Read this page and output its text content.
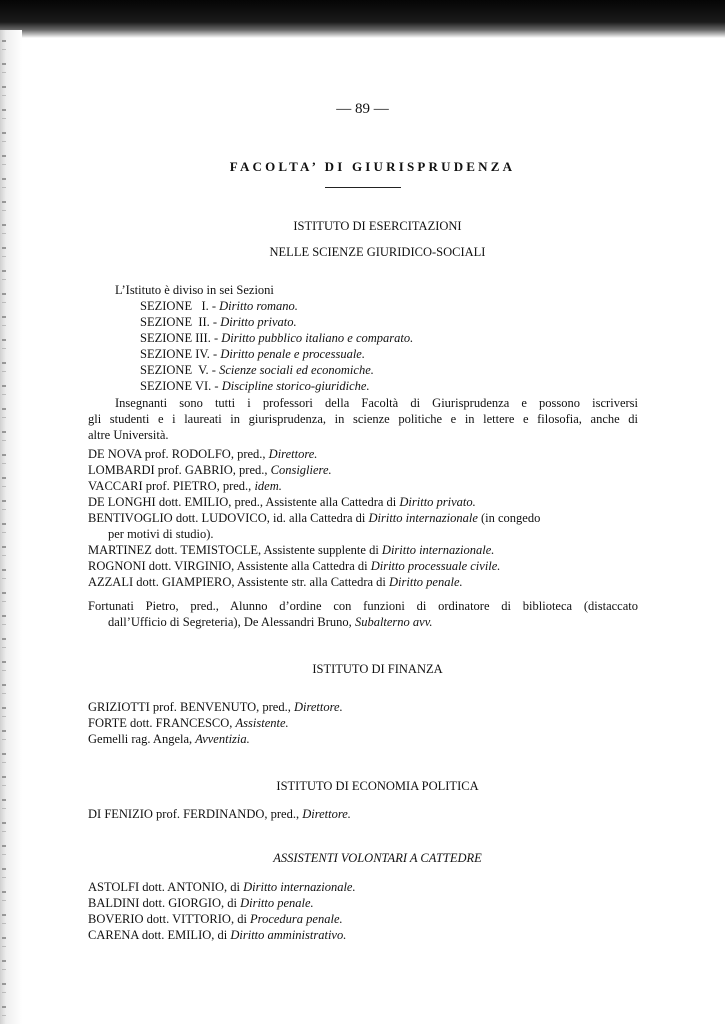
— 89 —
FACOLTA’ DI GIURISPRUDENZA
ISTITUTO DI ESERCITAZIONI
NELLE SCIENZE GIURIDICO-SOCIALI
L’Istituto è diviso in sei Sezioni
SEZIONE   I. - Diritto romano.
SEZIONE  II. - Diritto privato.
SEZIONE III. - Diritto pubblico italiano e comparato.
SEZIONE IV. - Diritto penale e processuale.
SEZIONE  V. - Scienze sociali ed economiche.
SEZIONE VI. - Discipline storico-giuridiche.
Insegnanti sono tutti i professori della Facoltà di Giurisprudenza e possono iscriversi
gli studenti e i laureati in giurisprudenza, in scienze politiche e in lettere e filosofia, anche di
altre Università.
DE NOVA prof. RODOLFO, pred., Direttore.
LOMBARDI prof. GABRIO, pred., Consigliere.
VACCARI prof. PIETRO, pred., idem.
DE LONGHI dott. EMILIO, pred., Assistente alla Cattedra di Diritto privato.
BENTIVOGLIO dott. LUDOVICO, id. alla Cattedra di Diritto internazionale (in congedo
per motivi di studio).
MARTINEZ dott. TEMISTOCLE, Assistente supplente di Diritto internazionale.
ROGNONI dott. VIRGINIO, Assistente alla Cattedra di Diritto processuale civile.
AZZALI dott. GIAMPIERO, Assistente str. alla Cattedra di Diritto penale.
Fortunati Pietro, pred., Alunno d’ordine con funzioni di ordinatore di biblioteca (distaccato
dall’Ufficio di Segreteria), De Alessandri Bruno, Subalterno avv.
ISTITUTO DI FINANZA
GRIZIOTTI prof. BENVENUTO, pred., Direttore.
FORTE dott. FRANCESCO, Assistente.
Gemelli rag. Angela, Avventizia.
ISTITUTO DI ECONOMIA POLITICA
DI FENIZIO prof. FERDINANDO, pred., Direttore.
ASSISTENTI VOLONTARI A CATTEDRE
ASTOLFI dott. ANTONIO, di Diritto internazionale.
BALDINI dott. GIORGIO, di Diritto penale.
BOVERIO dott. VITTORIO, di Procedura penale.
CARENA dott. EMILIO, di Diritto amministrativo.
